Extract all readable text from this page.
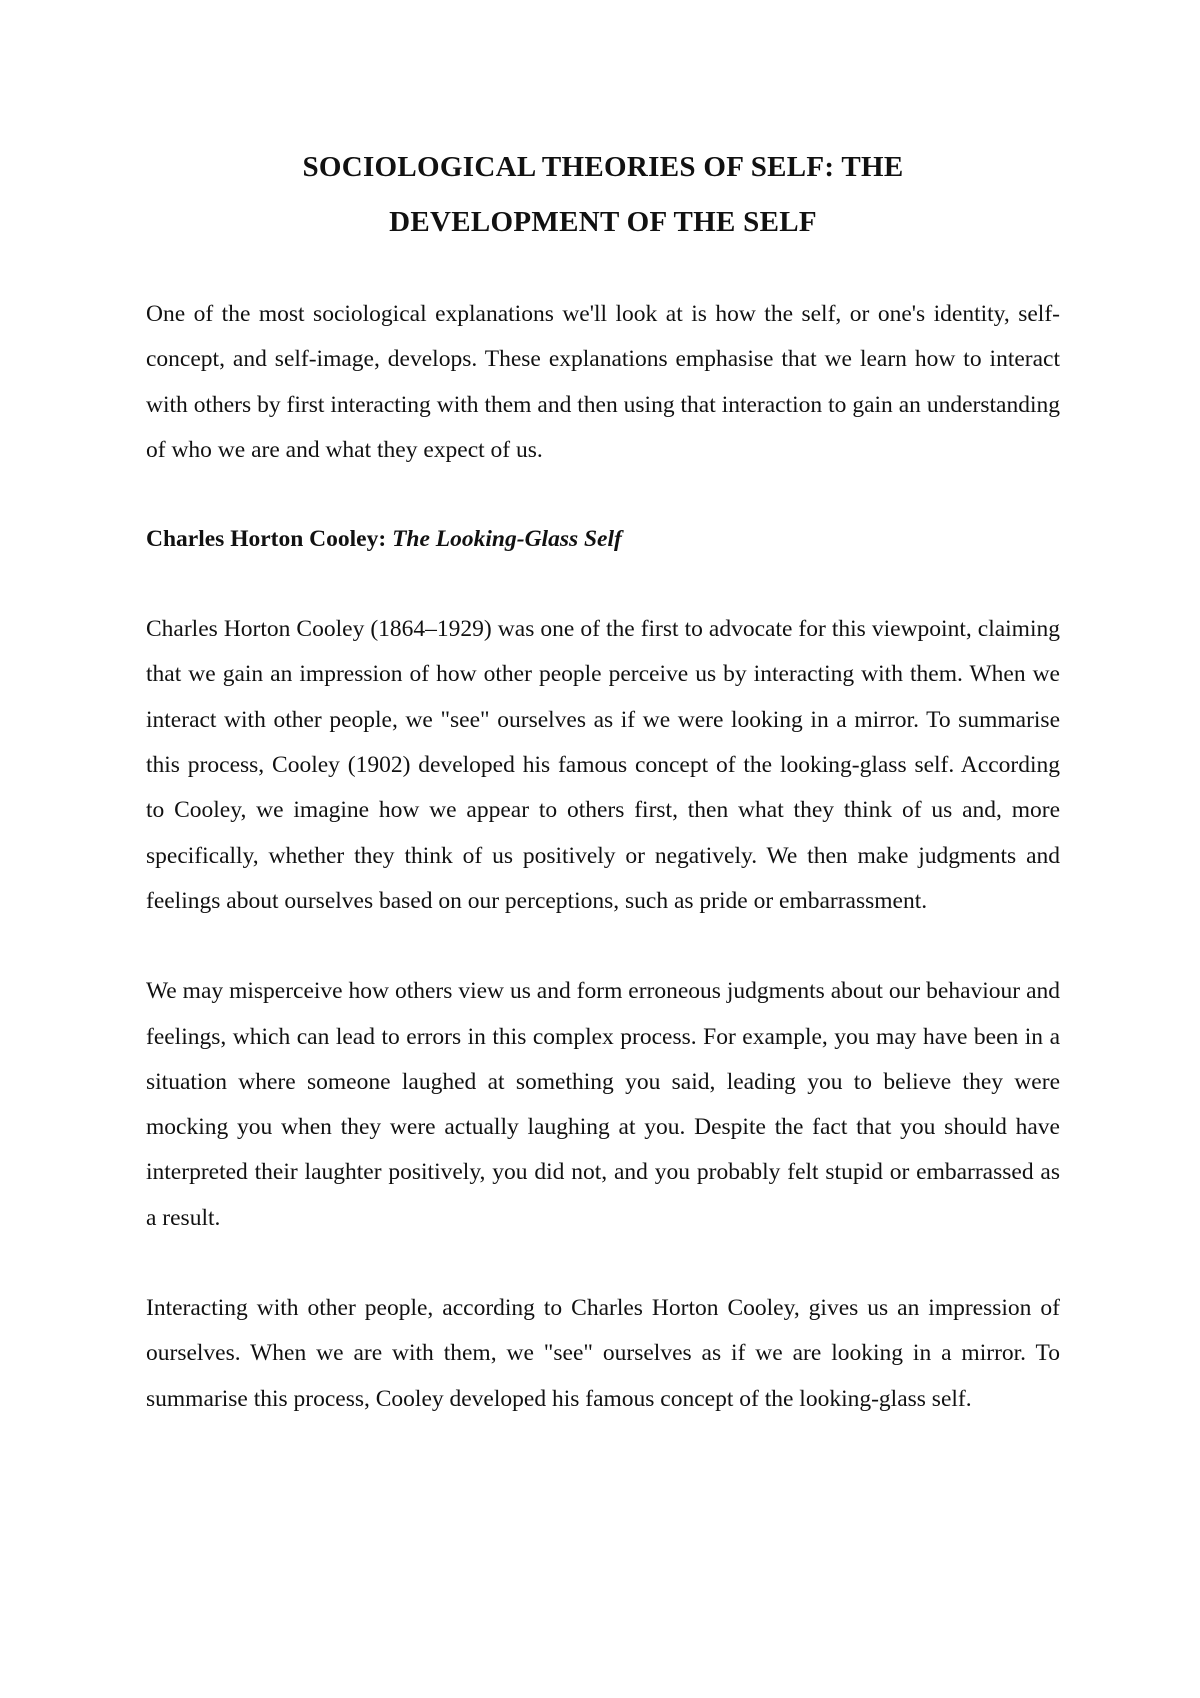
SOCIOLOGICAL THEORIES OF SELF: THE
DEVELOPMENT OF THE SELF

One of the most sociological explanations we'll look at is how the self, or one's identity, self-concept, and self-image, develops. These explanations emphasise that we learn how to interact with others by first interacting with them and then using that interaction to gain an understanding of who we are and what they expect of us.

Charles Horton Cooley: The Looking-Glass Self

Charles Horton Cooley (1864–1929) was one of the first to advocate for this viewpoint, claiming that we gain an impression of how other people perceive us by interacting with them. When we interact with other people, we "see" ourselves as if we were looking in a mirror. To summarise this process, Cooley (1902) developed his famous concept of the looking-glass self. According to Cooley, we imagine how we appear to others first, then what they think of us and, more specifically, whether they think of us positively or negatively. We then make judgments and feelings about ourselves based on our perceptions, such as pride or embarrassment.

We may misperceive how others view us and form erroneous judgments about our behaviour and feelings, which can lead to errors in this complex process. For example, you may have been in a situation where someone laughed at something you said, leading you to believe they were mocking you when they were actually laughing at you. Despite the fact that you should have interpreted their laughter positively, you did not, and you probably felt stupid or embarrassed as a result.

Interacting with other people, according to Charles Horton Cooley, gives us an impression of ourselves. When we are with them, we "see" ourselves as if we are looking in a mirror. To summarise this process, Cooley developed his famous concept of the looking-glass self.
